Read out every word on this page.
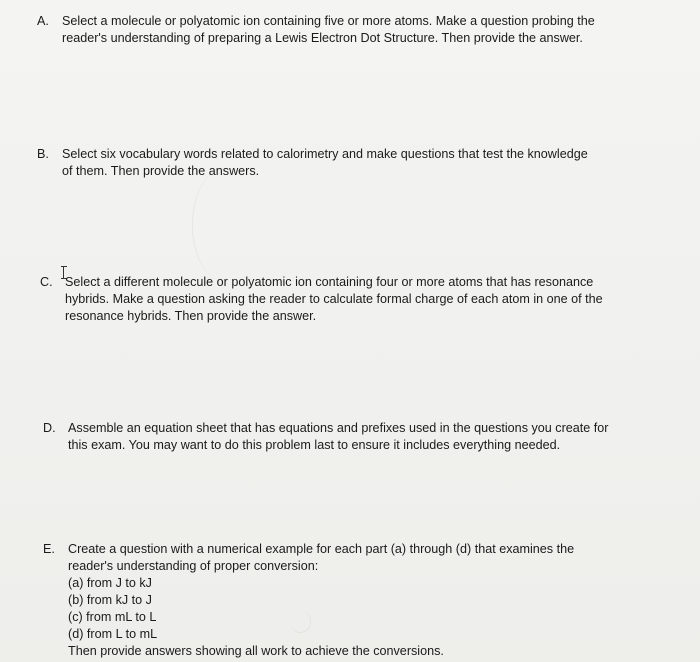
A. Select a molecule or polyatomic ion containing five or more atoms. Make a question probing the
reader's understanding of preparing a Lewis Electron Dot Structure. Then provide the answer.
B. Select six vocabulary words related to calorimetry and make questions that test the knowledge
of them. Then provide the answers.
C. Select a different molecule or polyatomic ion containing four or more atoms that has resonance
hybrids. Make a question asking the reader to calculate formal charge of each atom in one of the
resonance hybrids. Then provide the answer.
D. Assemble an equation sheet that has equations and prefixes used in the questions you create for
this exam. You may want to do this problem last to ensure it includes everything needed.
E. Create a question with a numerical example for each part (a) through (d) that examines the
reader's understanding of proper conversion:
(a) from J to kJ
(b) from kJ to J
(c) from mL to L
(d) from L to mL
Then provide answers showing all work to achieve the conversions.
